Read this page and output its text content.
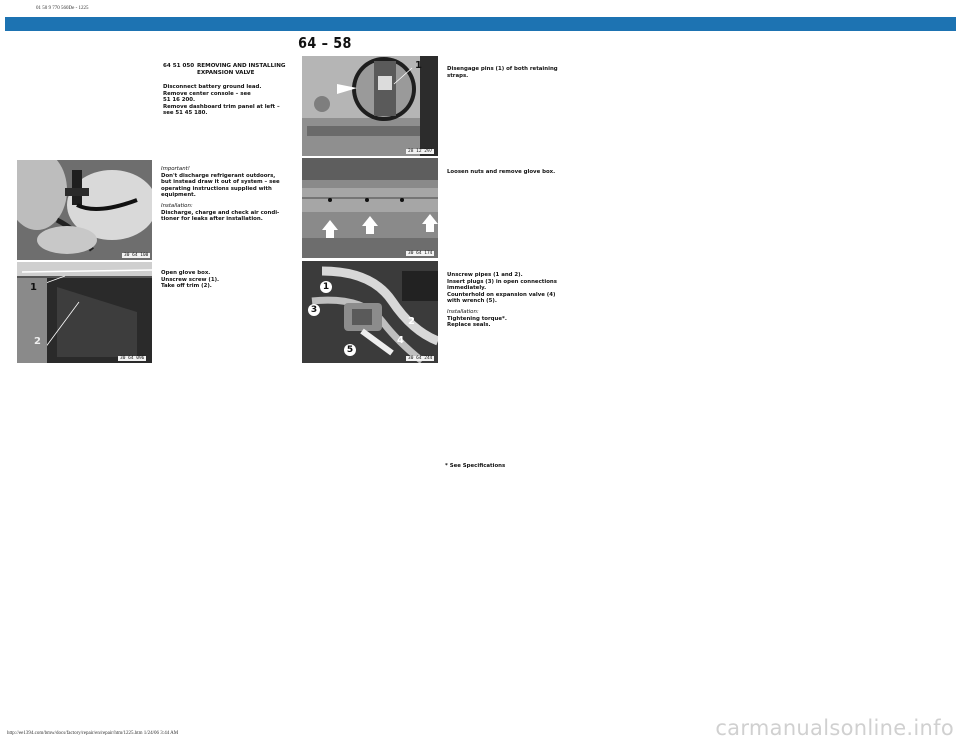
01 50 9 770 560De - 1225
64 – 58
64 51 050 REMOVING AND INSTALLING
EXPANSION VALVE
Disconnect battery ground lead.
Remove center console – see
51 16 200.
Remove dashboard trim panel at left –
see 51 45 180.
Important!
Don't discharge refrigerant outdoors,
but instead draw it out of system – see
operating instructions supplied with
equipment.
Installation:
Discharge, charge and check air condi-
tioner for leaks after installation.
Open glove box.
Unscrew screw (1).
Take off trim (2).
Disengage pins (1) of both retaining
straps.
Loosen nuts and remove glove box.
Unscrew pipes (1 and 2).
Insert plugs (3) in open connections
immediately.
Counterhold on expansion valve (4)
with wrench (5).
Installation:
Tightening torque*.
Replace seals.
30 64 100
1
2
30 64 096
1
28 12 297
30 64 174
1
2
3
4
5
30 64 244
* See Specifications
http://ee1394.com/bmw/docs/factory/repair/en/repair/htm/1225.htm 1/24/06 3:44 AM	carmanualsonline.info
